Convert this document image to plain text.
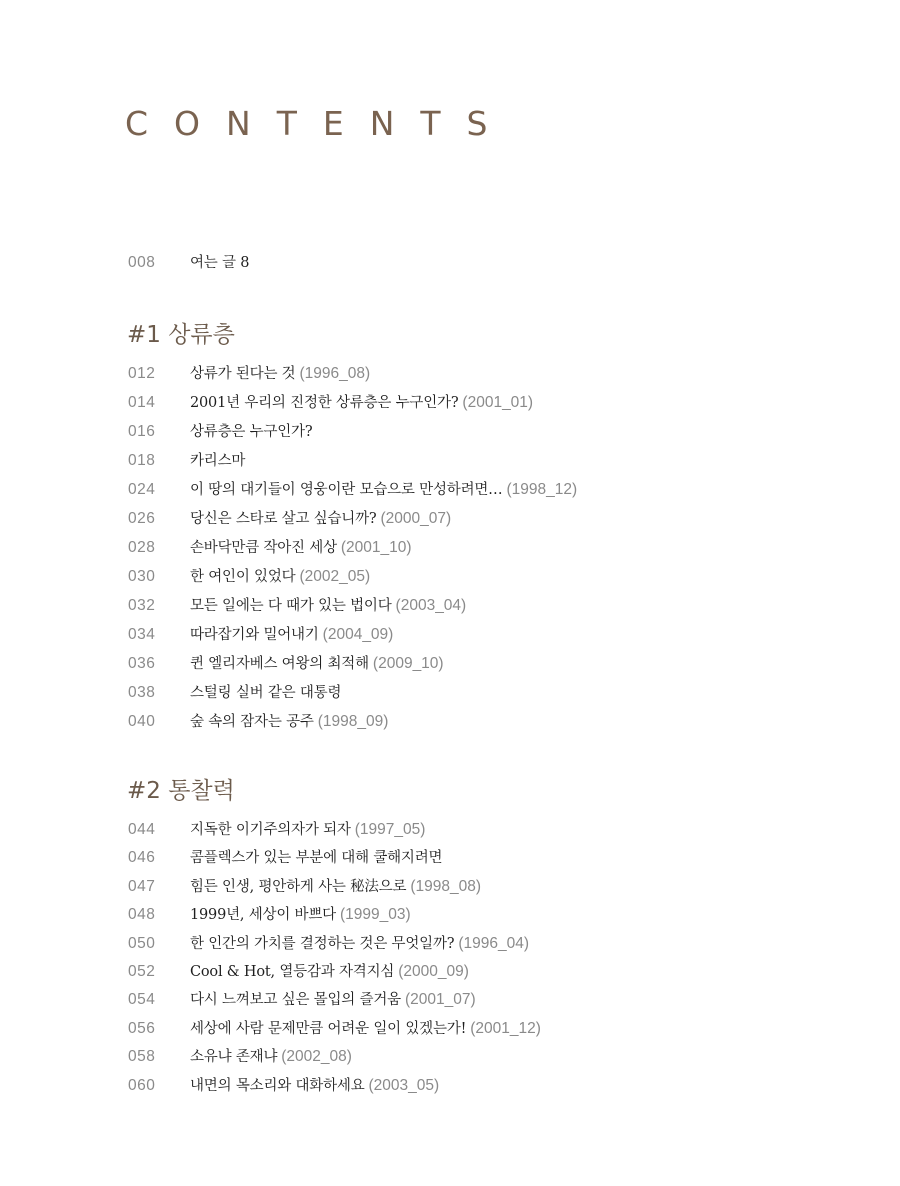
CONTENTS
008 여는 글 8
#1 상류층
012 상류가 된다는 것 (1996_08)
014 2001년 우리의 진정한 상류층은 누구인가? (2001_01)
016 상류층은 누구인가?
018 카리스마
024 이 땅의 대기들이 영웅이란 모습으로 만성하려면… (1998_12)
026 당신은 스타로 살고 싶습니까? (2000_07)
028 손바닥만큼 작아진 세상 (2001_10)
030 한 여인이 있었다 (2002_05)
032 모든 일에는 다 때가 있는 법이다 (2003_04)
034 따라잡기와 밀어내기 (2004_09)
036 퀸 엘리자베스 여왕의 최적해 (2009_10)
038 스털링 실버 같은 대통령
040 숲 속의 잠자는 공주 (1998_09)
#2 통찰력
044 지독한 이기주의자가 되자 (1997_05)
046 콤플렉스가 있는 부분에 대해 쿨해지려면
047 힘든 인생, 평안하게 사는 秘法으로 (1998_08)
048 1999년, 세상이 바쁘다 (1999_03)
050 한 인간의 가치를 결정하는 것은 무엇일까? (1996_04)
052 Cool & Hot, 열등감과 자격지심 (2000_09)
054 다시 느껴보고 싶은 몰입의 즐거움 (2001_07)
056 세상에 사람 문제만큼 어려운 일이 있겠는가! (2001_12)
058 소유냐 존재냐 (2002_08)
060 내면의 목소리와 대화하세요 (2003_05)
